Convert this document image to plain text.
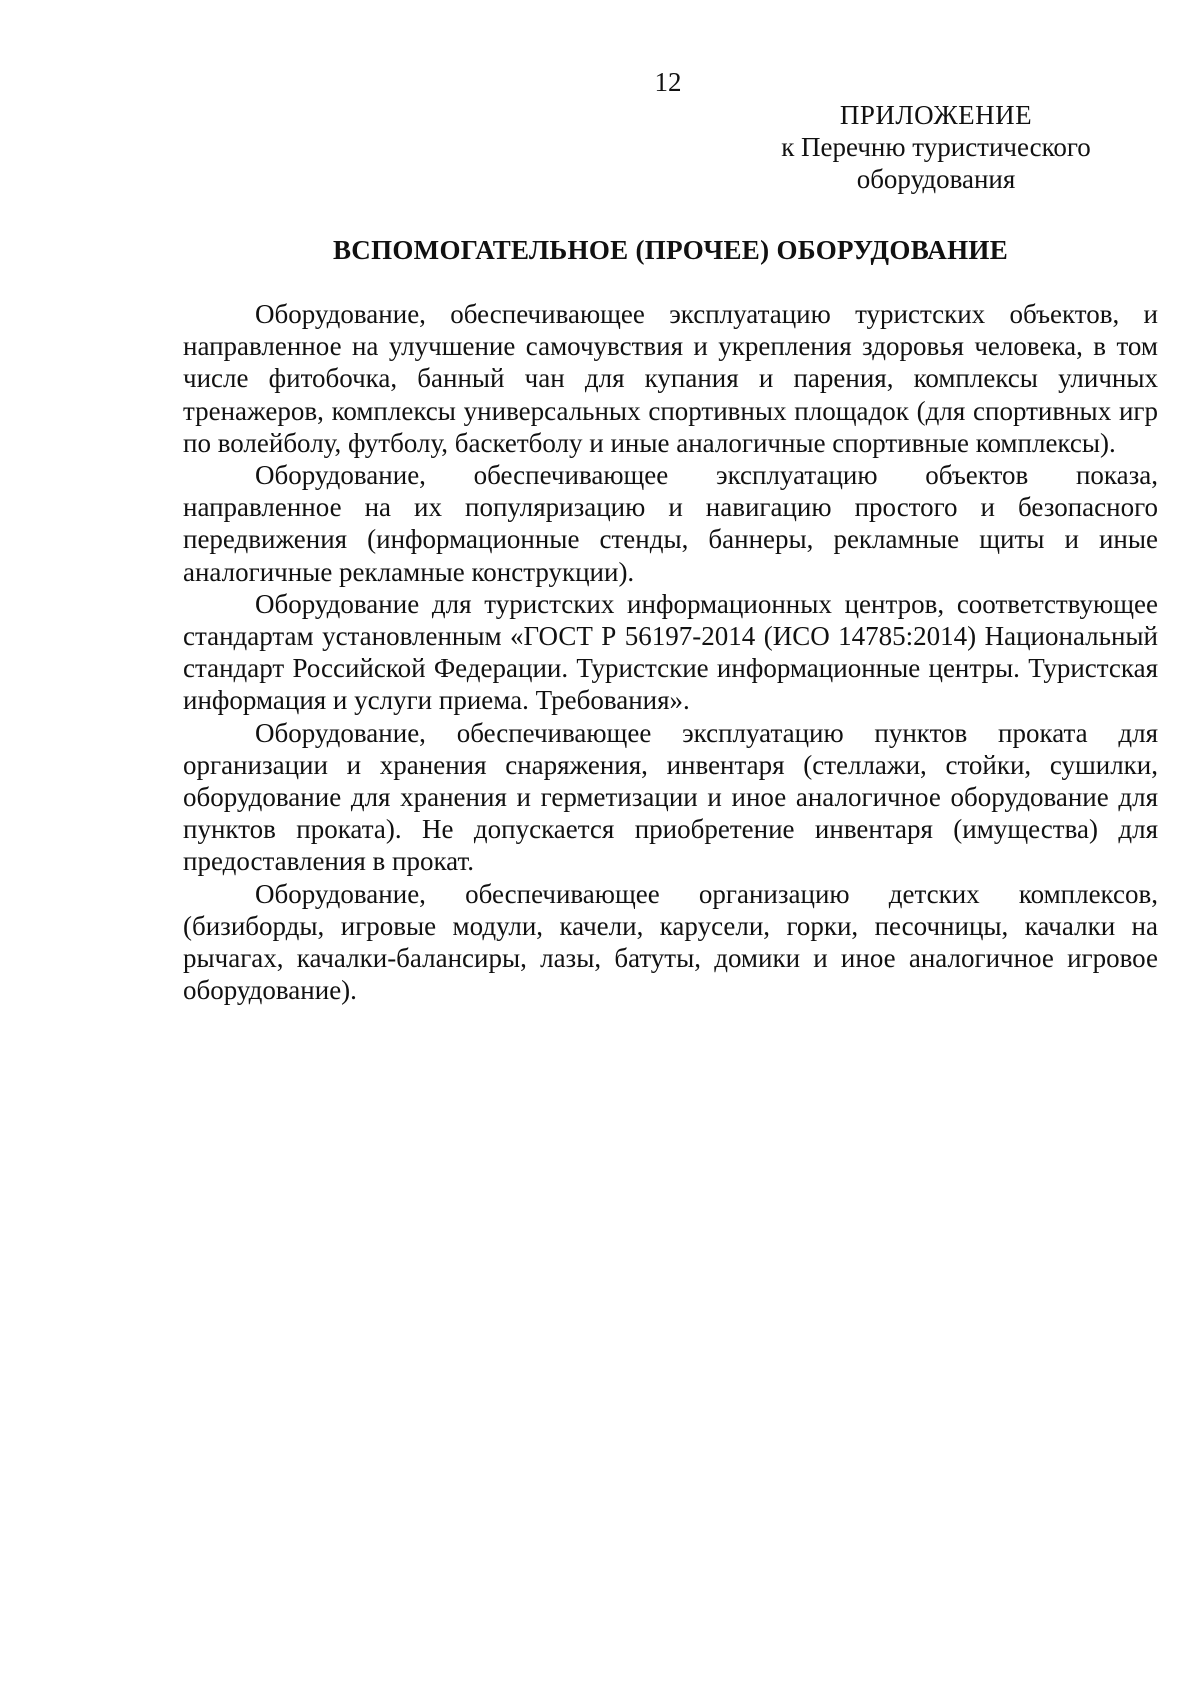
12
ПРИЛОЖЕНИЕ
к Перечню туристического
оборудования
ВСПОМОГАТЕЛЬНОЕ (ПРОЧЕЕ) ОБОРУДОВАНИЕ

Оборудование, обеспечивающее эксплуатацию туристских объектов, и направленное на улучшение самочувствия и укрепления здоровья человека, в том числе фитобочка, банный чан для купания и парения, комплексы уличных тренажеров, комплексы универсальных спортивных площадок (для спортивных игр по волейболу, футболу, баскетболу и иные аналогичные спортивные комплексы).

Оборудование, обеспечивающее эксплуатацию объектов показа, направленное на их популяризацию и навигацию простого и безопасного передвижения (информационные стенды, баннеры, рекламные щиты и иные аналогичные рекламные конструкции).

Оборудование для туристских информационных центров, соответствующее стандартам установленным «ГОСТ Р 56197-2014 (ИСО 14785:2014) Национальный стандарт Российской Федерации. Туристские информационные центры. Туристская информация и услуги приема. Требования».

Оборудование, обеспечивающее эксплуатацию пунктов проката для организации и хранения снаряжения, инвентаря (стеллажи, стойки, сушилки, оборудование для хранения и герметизации и иное аналогичное оборудование для пунктов проката). Не допускается приобретение инвентаря (имущества) для предоставления в прокат.

Оборудование, обеспечивающее организацию детских комплексов, (бизиборды, игровые модули, качели, карусели, горки, песочницы, качалки на рычагах, качалки-балансиры, лазы, батуты, домики и иное аналогичное игровое оборудование).
